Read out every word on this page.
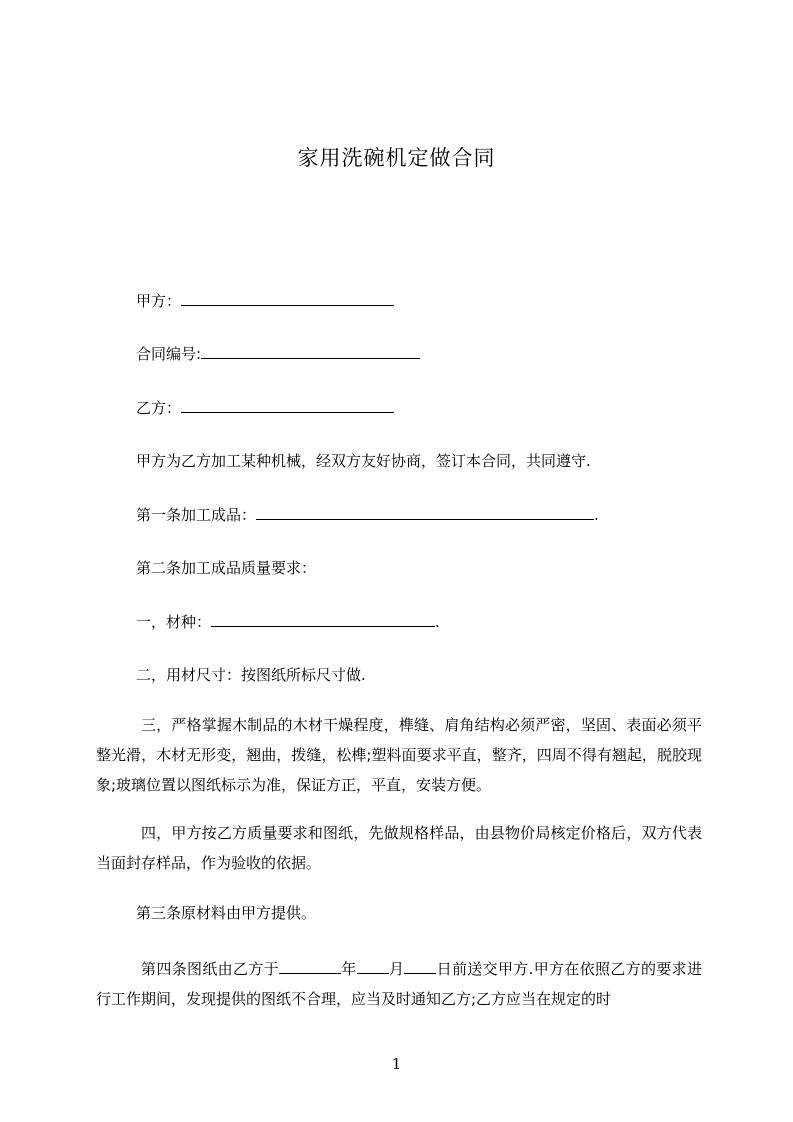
家用洗碗机定做合同
甲方：
合同编号:
乙方：
甲方为乙方加工某种机械，经双方友好协商，签订本合同，共同遵守.
第一条加工成品：	.
第二条加工成品质量要求：
一，材种：	.
二，用材尺寸：按图纸所标尺寸做.
三，严格掌握木制品的木材干燥程度，榫缝、肩角结构必须严密，坚固、表面必须平整光滑，木材无形变，翘曲，拨缝，松榫;塑料面要求平直，整齐，四周不得有翘起，脱胶现象;玻璃位置以图纸标示为准，保证方正，平直，安装方便。
四，甲方按乙方质量要求和图纸，先做规格样品，由县物价局核定价格后，双方代表当面封存样品，作为验收的依据。
第三条原材料由甲方提供。
第四条图纸由乙方于	年 月 日前送交甲方.甲方在依照乙方的要求进行工作期间，发现提供的图纸不合理，应当及时通知乙方;乙方应当在规定的时
1
